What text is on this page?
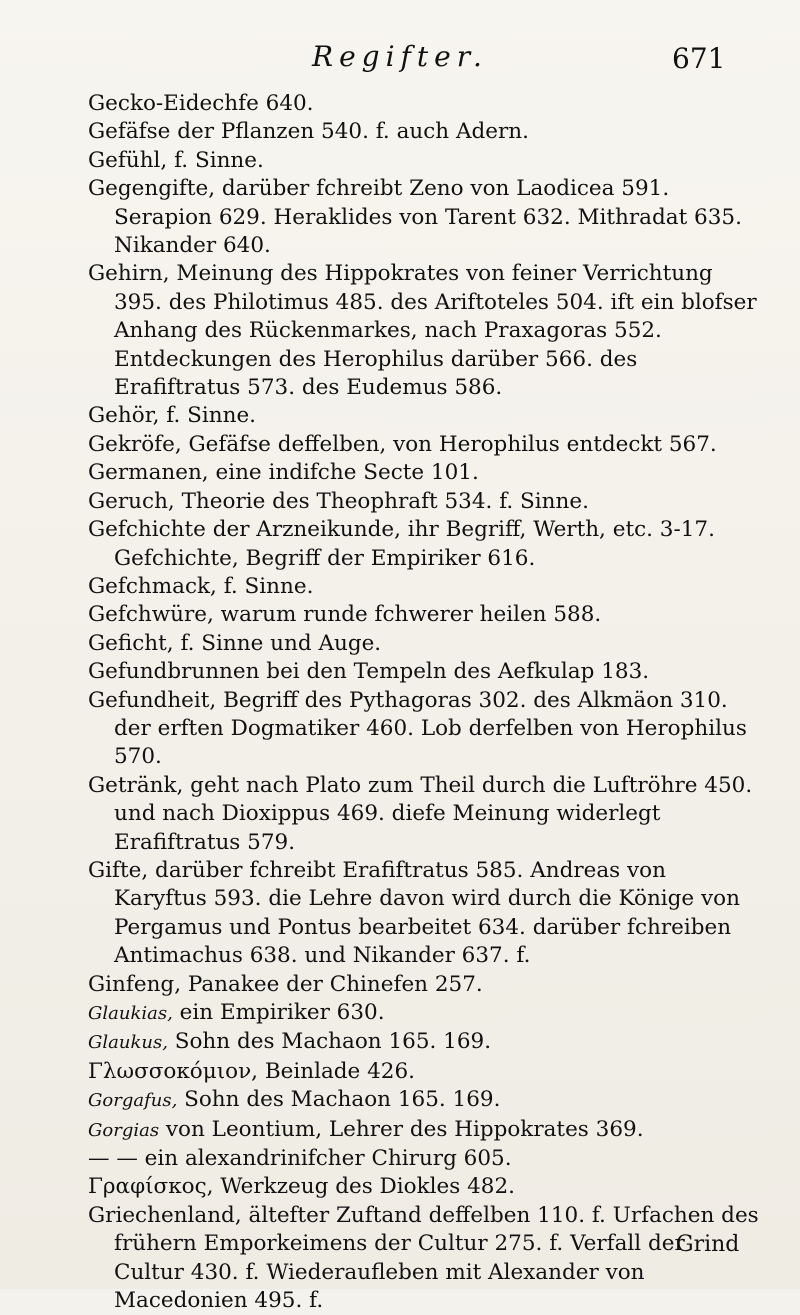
Regifter.	671

Gecko-Eidechfe 640.

Gefäfse der Pflanzen 540. f. auch Adern.

Gefühl, f. Sinne.

Gegengifte, darüber fchreibt Zeno von Laodicea 591. Serapion 629. Heraklides von Tarent 632. Mithradat 635. Nikander 640.

Gehirn, Meinung des Hippokrates von feiner Verrichtung 395. des Philotimus 485. des Ariftoteles 504. ift ein blofser Anhang des Rückenmarkes, nach Praxagoras 552. Entdeckungen des Herophilus darüber 566. des Erafiftratus 573. des Eudemus 586.

Gehör, f. Sinne.

Gekröfe, Gefäfse deffelben, von Herophilus entdeckt 567.

Germanen, eine indifche Secte 101.

Geruch, Theorie des Theophraft 534. f. Sinne.

Gefchichte der Arzneikunde, ihr Begriff, Werth, etc. 3-17. Gefchichte, Begriff der Empiriker 616.

Gefchmack, f. Sinne.

Gefchwüre, warum runde fchwerer heilen 588.

Geficht, f. Sinne und Auge.

Gefundbrunnen bei den Tempeln des Aefkulap 183.

Gefundheit, Begriff des Pythagoras 302. des Alkmäon 310. der erften Dogmatiker 460. Lob derfelben von Herophilus 570.

Getränk, geht nach Plato zum Theil durch die Luftröhre 450. und nach Dioxippus 469. diefe Meinung widerlegt Erafiftratus 579.

Gifte, darüber fchreibt Erafiftratus 585. Andreas von Karyftus 593. die Lehre davon wird durch die Könige von Pergamus und Pontus bearbeitet 634. darüber fchreiben Antimachus 638. und Nikander 637. f.

Ginfeng, Panakee der Chinefen 257.

Glaukias, ein Empiriker 630.

Glaukus, Sohn des Machaon 165. 169.

Γλωσσοκόμιον, Beinlade 426.

Gorgafus, Sohn des Machaon 165. 169.

Gorgias von Leontium, Lehrer des Hippokrates 369.

— — ein alexandrinifcher Chirurg 605.

Γραφίσκος, Werkzeug des Diokles 482.

Griechenland, ältefter Zuftand deffelben 110. f. Urfachen des frühern Emporkeimens der Cultur 275. f. Verfall der Cultur 430. f. Wiederaufleben mit Alexander von Macedonien 495. f.

Grind
